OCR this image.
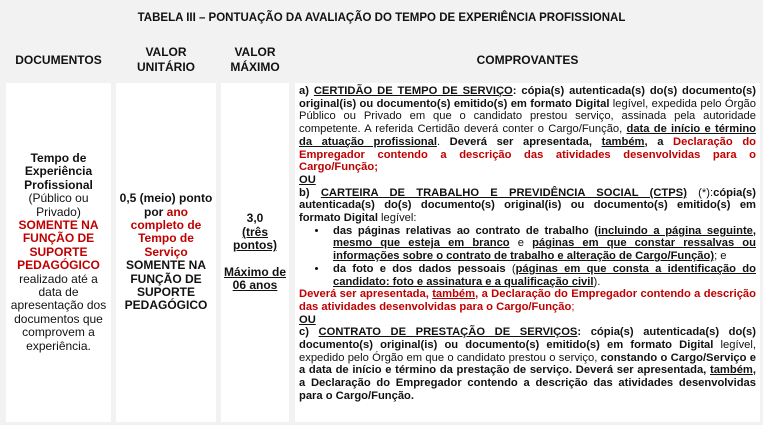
TABELA III – PONTUAÇÃO DA AVALIAÇÃO DO TEMPO DE EXPERIÊNCIA PROFISSIONAL
DOCUMENTOS
VALOR UNITÁRIO
VALOR MÁXIMO
COMPROVANTES

Tempo de Experiência Profissional (Público ou Privado) SOMENTE NA FUNÇÃO DE SUPORTE PEDAGÓGICO realizado até a data de apresentação dos documentos que comprovem a experiência.

0,5 (meio) ponto por ano completo de Tempo de Serviço SOMENTE NA FUNÇÃO DE SUPORTE PEDAGÓGICO

3,0
(três pontos)
Máximo de 06 anos

a) CERTIDÃO DE TEMPO DE SERVIÇO: cópia(s) autenticada(s) do(s) documento(s) original(is) ou documento(s) emitido(s) em formato Digital legível, expedida pelo Órgão Público ou Privado em que o candidato prestou serviço, assinada pela autoridade competente. A referida Certidão deverá conter o Cargo/Função, data de início e término da atuação profissional. Deverá ser apresentada, também, a Declaração do Empregador contendo a descrição das atividades desenvolvidas para o Cargo/Função;

OU

b) CARTEIRA DE TRABALHO E PREVIDÊNCIA SOCIAL (CTPS) (*):cópia(s) autenticada(s) do(s) documento(s) original(is) ou documento(s) emitido(s) em formato Digital legível:

• das páginas relativas ao contrato de trabalho (incluindo a página seguinte, mesmo que esteja em branco e páginas em que constar ressalvas ou informações sobre o contrato de trabalho e alteração de Cargo/Função); e
• da foto e dos dados pessoais (páginas em que consta a identificação do candidato: foto e assinatura e a qualificação civil).

Deverá ser apresentada, também, a Declaração do Empregador contendo a descrição das atividades desenvolvidas para o Cargo/Função;

OU

c) CONTRATO DE PRESTAÇÃO DE SERVIÇOS: cópia(s) autenticada(s) do(s) documento(s) original(is) ou documento(s) emitido(s) em formato Digital legível, expedido pelo Órgão em que o candidato prestou o serviço, constando o Cargo/Serviço e a data de início e término da prestação de serviço. Deverá ser apresentada, também, a Declaração do Empregador contendo a descrição das atividades desenvolvidas para o Cargo/Função.
